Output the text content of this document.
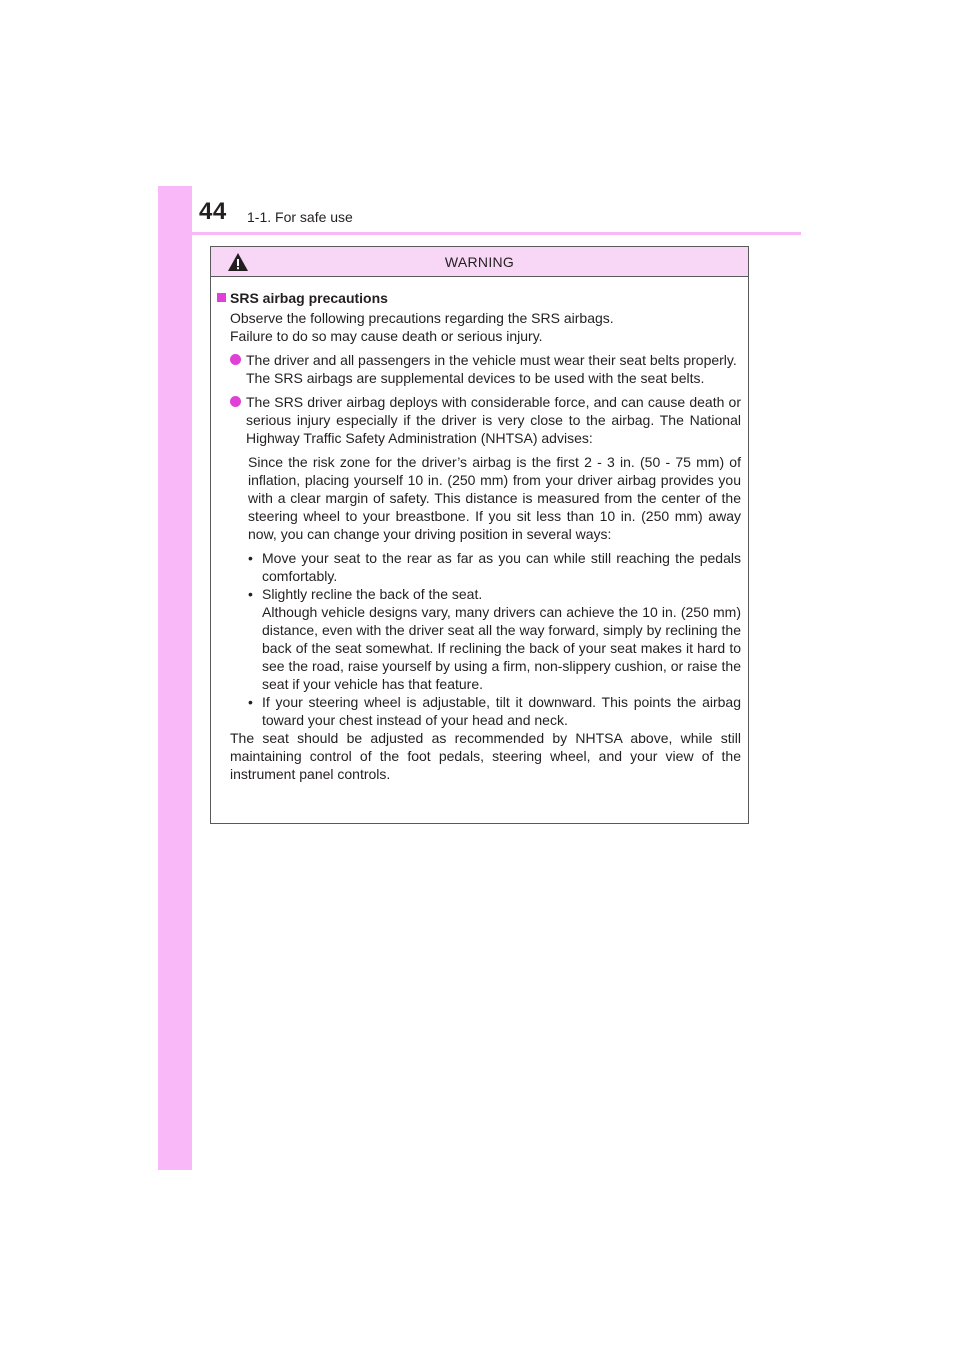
44 1-1. For safe use
WARNING
SRS airbag precautions
Observe the following precautions regarding the SRS airbags.
Failure to do so may cause death or serious injury.
The driver and all passengers in the vehicle must wear their seat belts properly.
The SRS airbags are supplemental devices to be used with the seat belts.
The SRS driver airbag deploys with considerable force, and can cause death or serious injury especially if the driver is very close to the airbag. The National Highway Traffic Safety Administration (NHTSA) advises:
Since the risk zone for the driver’s airbag is the first 2 - 3 in. (50 - 75 mm) of inflation, placing yourself 10 in. (250 mm) from your driver airbag provides you with a clear margin of safety. This distance is measured from the center of the steering wheel to your breastbone. If you sit less than 10 in. (250 mm) away now, you can change your driving position in several ways:
• Move your seat to the rear as far as you can while still reaching the pedals comfortably.
• Slightly recline the back of the seat.
Although vehicle designs vary, many drivers can achieve the 10 in. (250 mm) distance, even with the driver seat all the way forward, simply by reclining the back of the seat somewhat. If reclining the back of your seat makes it hard to see the road, raise yourself by using a firm, non-slippery cushion, or raise the seat if your vehicle has that feature.
• If your steering wheel is adjustable, tilt it downward. This points the airbag toward your chest instead of your head and neck.
The seat should be adjusted as recommended by NHTSA above, while still maintaining control of the foot pedals, steering wheel, and your view of the instrument panel controls.
